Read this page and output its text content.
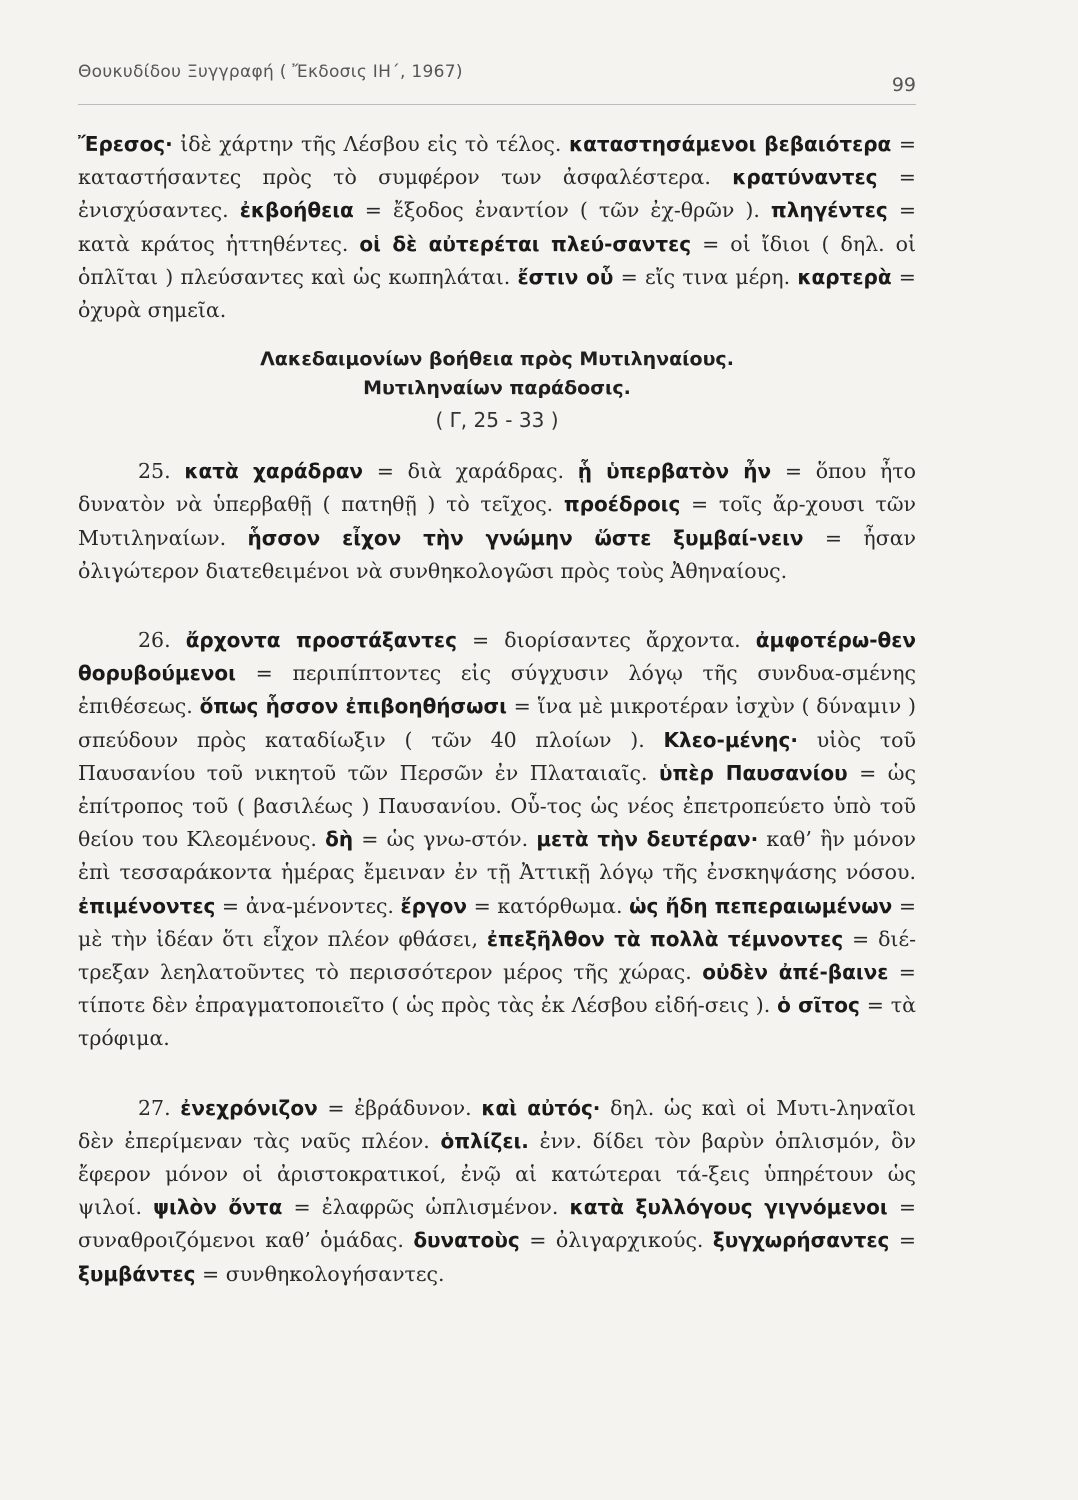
Θουκυδίδου Ξυγγραφή ( Ἔκδοσις ΙΗ΄, 1967)
99

Ἔρεσος· ἰδὲ χάρτην τῆς Λέσβου εἰς τὸ τέλος. καταστησάμενοι βεβαιότερα = καταστήσαντες πρὸς τὸ συμφέρον των ἀσφαλέστερα. κρατύναντες = ἐνισχύσαντες. ἐκβοήθεια = ἔξοδος ἐναντίον ( τῶν ἐχ-θρῶν ). πληγέντες = κατὰ κράτος ἡττηθέντες. οἱ δὲ αὐτερέται πλεύ-σαντες = οἱ ἴδιοι ( δηλ. οἱ ὁπλῖται ) πλεύσαντες καὶ ὡς κωπηλάται. ἔστιν οὗ = εἴς τινα μέρη. καρτερὰ = ὀχυρὰ σημεῖα.

Λακεδαιμονίων βοήθεια πρὸς Μυτιληναίους.
Μυτιληναίων παράδοσις.
( Γ, 25 - 33 )

25. κατὰ χαράδραν = διὰ χαράδρας. ᾗ ὑπερβατὸν ἦν = ὅπου ἦτο δυνατὸν νὰ ὑπερβαθῇ ( πατηθῇ ) τὸ τεῖχος. προέδροις = τοῖς ἄρ-χουσι τῶν Μυτιληναίων. ἧσσον εἶχον τὴν γνώμην ὥστε ξυμβαί-νειν = ἦσαν ὀλιγώτερον διατεθειμένοι νὰ συνθηκολογῶσι πρὸς τοὺς Ἀθηναίους.

26. ἄρχοντα προστάξαντες = διορίσαντες ἄρχοντα. ἀμφοτέρω-θεν θορυβούμενοι = περιπίπτοντες εἰς σύγχυσιν λόγῳ τῆς συνδυα-σμένης ἐπιθέσεως. ὅπως ἧσσον ἐπιβοηθήσωσι = ἵνα μὲ μικροτέραν ἰσχὺν ( δύναμιν ) σπεύδουν πρὸς καταδίωξιν ( τῶν 40 πλοίων ). Κλεο-μένης· υἱὸς τοῦ Παυσανίου τοῦ νικητοῦ τῶν Περσῶν ἐν Πλαταιαῖς. ὑπὲρ Παυσανίου = ὡς ἐπίτροπος τοῦ ( βασιλέως ) Παυσανίου. Οὗ-τος ὡς νέος ἐπετροπεύετο ὑπὸ τοῦ θείου του Κλεομένους. δὴ = ὡς γνω-στόν. μετὰ τὴν δευτέραν· καθ’ ἣν μόνον ἐπὶ τεσσαράκοντα ἡμέρας ἔμειναν ἐν τῇ Ἀττικῇ λόγῳ τῆς ἐνσκηψάσης νόσου. ἐπιμένοντες = ἀνα-μένοντες. ἔργον = κατόρθωμα. ὡς ἤδη πεπεραιωμένων = μὲ τὴν ἰδέαν ὅτι εἶχον πλέον φθάσει, ἐπεξῆλθον τὰ πολλὰ τέμνοντες = διέ-τρεξαν λεηλατοῦντες τὸ περισσότερον μέρος τῆς χώρας. οὐδὲν ἀπέ-βαινε = τίποτε δὲν ἐπραγματοποιεῖτο ( ὡς πρὸς τὰς ἐκ Λέσβου εἰδή-σεις ). ὁ σῖτος = τὰ τρόφιμα.

27. ἐνεχρόνιζον = ἐβράδυνον. καὶ αὐτός· δηλ. ὡς καὶ οἱ Μυτι-ληναῖοι δὲν ἐπερίμεναν τὰς ναῦς πλέον. ὁπλίζει. ἐνν. δίδει τὸν βαρὺν ὁπλισμόν, ὃν ἔφερον μόνον οἱ ἀριστοκρατικοί, ἐνῷ αἱ κατώτεραι τά-ξεις ὑπηρέτουν ὡς ψιλοί. ψιλὸν ὄντα = ἐλαφρῶς ὡπλισμένον. κατὰ ξυλλόγους γιγνόμενοι = συναθροιζόμενοι καθ’ ὁμάδας. δυνατοὺς = ὀλιγαρχικούς. ξυγχωρήσαντες = ξυμβάντες = συνθηκολογήσαντες.
